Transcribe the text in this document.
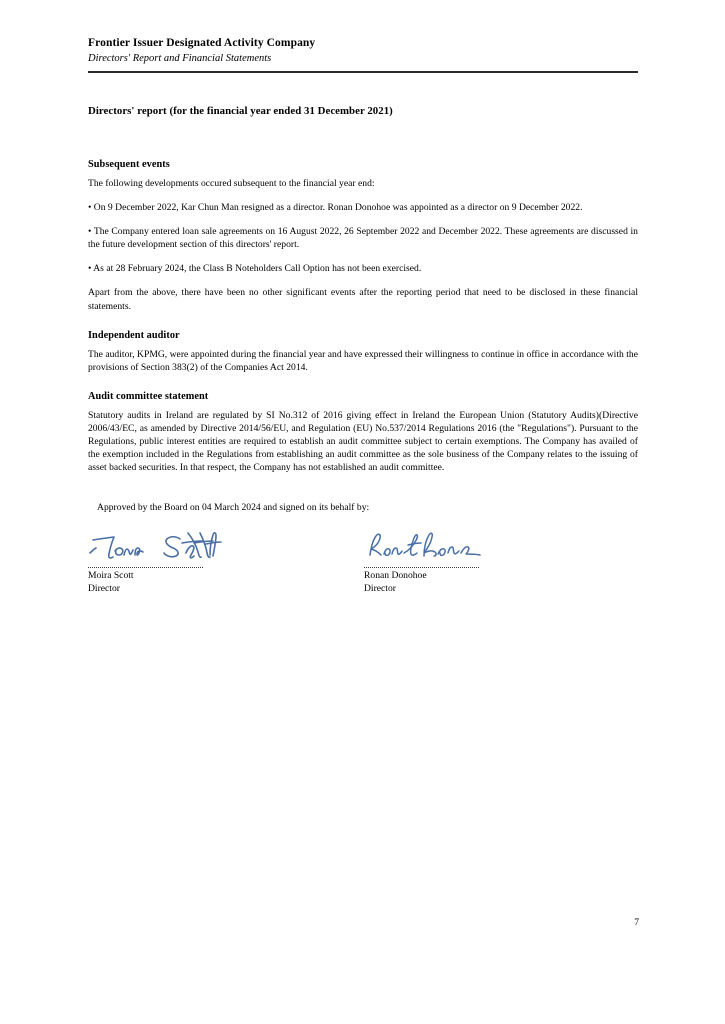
Frontier Issuer Designated Activity Company
Directors' Report and Financial Statements
Directors' report (for the financial year ended 31 December 2021)
Subsequent events

The following developments occured subsequent to the financial year end:

• On 9 December 2022, Kar Chun Man resigned as a director. Ronan Donohoe was appointed as a director on 9 December 2022.

• The Company entered loan sale agreements on 16 August 2022, 26 September 2022 and December 2022. These agreements are discussed in the future development section of this directors' report.

• As at 28 February 2024, the Class B Noteholders Call Option has not been exercised.

Apart from the above, there have been no other significant events after the reporting period that need to be disclosed in these financial statements.

Independent auditor

The auditor, KPMG, were appointed during the financial year and have expressed their willingness to continue in office in accordance with the provisions of Section 383(2) of the Companies Act 2014.

Audit committee statement

Statutory audits in Ireland are regulated by SI No.312 of 2016 giving effect in Ireland the European Union (Statutory Audits)(Directive 2006/43/EC, as amended by Directive 2014/56/EU, and Regulation (EU) No.537/2014 Regulations 2016 (the "Regulations"). Pursuant to the Regulations, public interest entities are required to establish an audit committee subject to certain exemptions. The Company has availed of the exemption included in the Regulations from establishing an audit committee as the sole business of the Company relates to the issuing of asset backed securities. In that respect, the Company has not established an audit committee.

Approved by the Board on 04 March 2024 and signed on its behalf by:

Moira Scott
Director
Ronan Donohoe
Director
7
